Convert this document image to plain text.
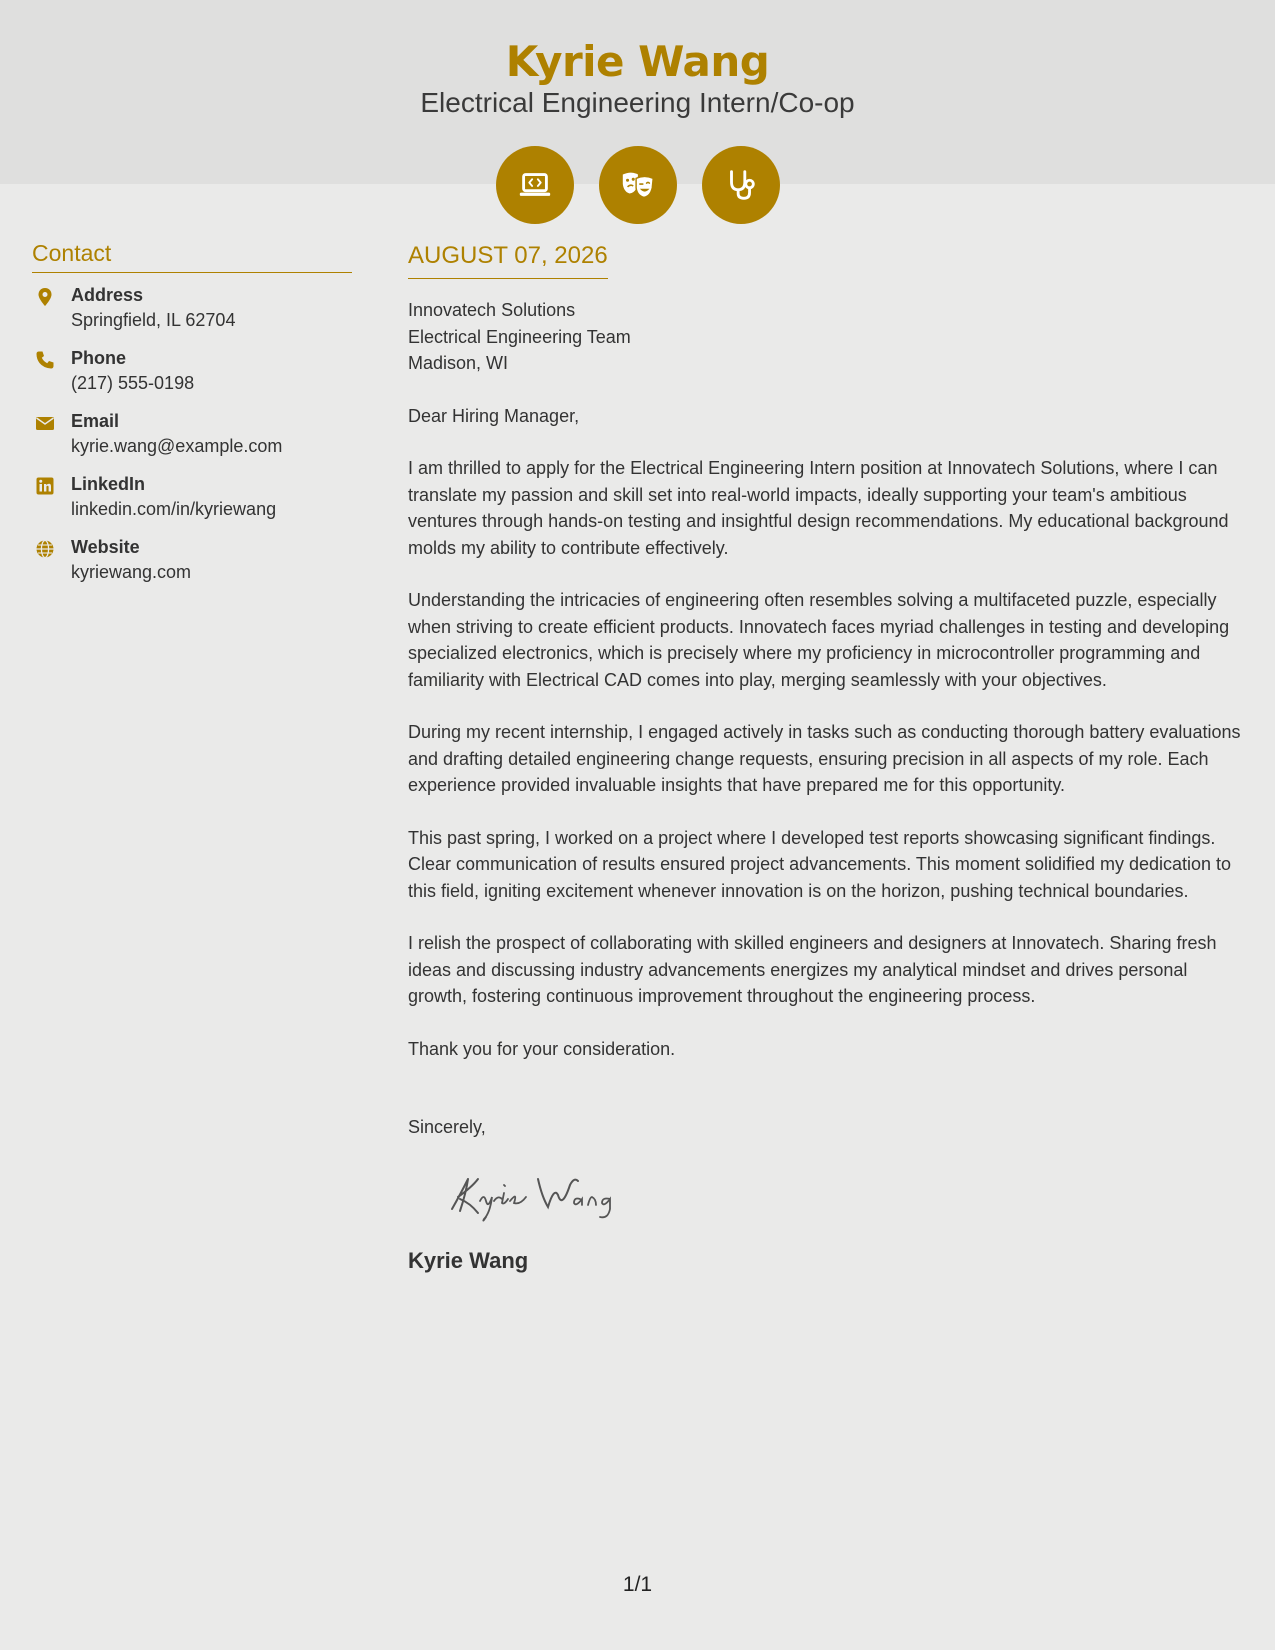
Kyrie Wang
Electrical Engineering Intern/Co-op
Contact
Address
Springfield, IL 62704
Phone
(217) 555-0198
Email
kyrie.wang@example.com
LinkedIn
linkedin.com/in/kyriewang
Website
kyriewang.com
AUGUST 07, 2026
Innovatech Solutions
Electrical Engineering Team
Madison, WI
Dear Hiring Manager,
I am thrilled to apply for the Electrical Engineering Intern position at Innovatech Solutions, where I can translate my passion and skill set into real-world impacts, ideally supporting your team's ambitious ventures through hands-on testing and insightful design recommendations. My educational background molds my ability to contribute effectively.
Understanding the intricacies of engineering often resembles solving a multifaceted puzzle, especially when striving to create efficient products. Innovatech faces myriad challenges in testing and developing specialized electronics, which is precisely where my proficiency in microcontroller programming and familiarity with Electrical CAD comes into play, merging seamlessly with your objectives.
During my recent internship, I engaged actively in tasks such as conducting thorough battery evaluations and drafting detailed engineering change requests, ensuring precision in all aspects of my role. Each experience provided invaluable insights that have prepared me for this opportunity.
This past spring, I worked on a project where I developed test reports showcasing significant findings. Clear communication of results ensured project advancements. This moment solidified my dedication to this field, igniting excitement whenever innovation is on the horizon, pushing technical boundaries.
I relish the prospect of collaborating with skilled engineers and designers at Innovatech. Sharing fresh ideas and discussing industry advancements energizes my analytical mindset and drives personal growth, fostering continuous improvement throughout the engineering process.
Thank you for your consideration.
Sincerely,
Kyrie Wang
1/1
